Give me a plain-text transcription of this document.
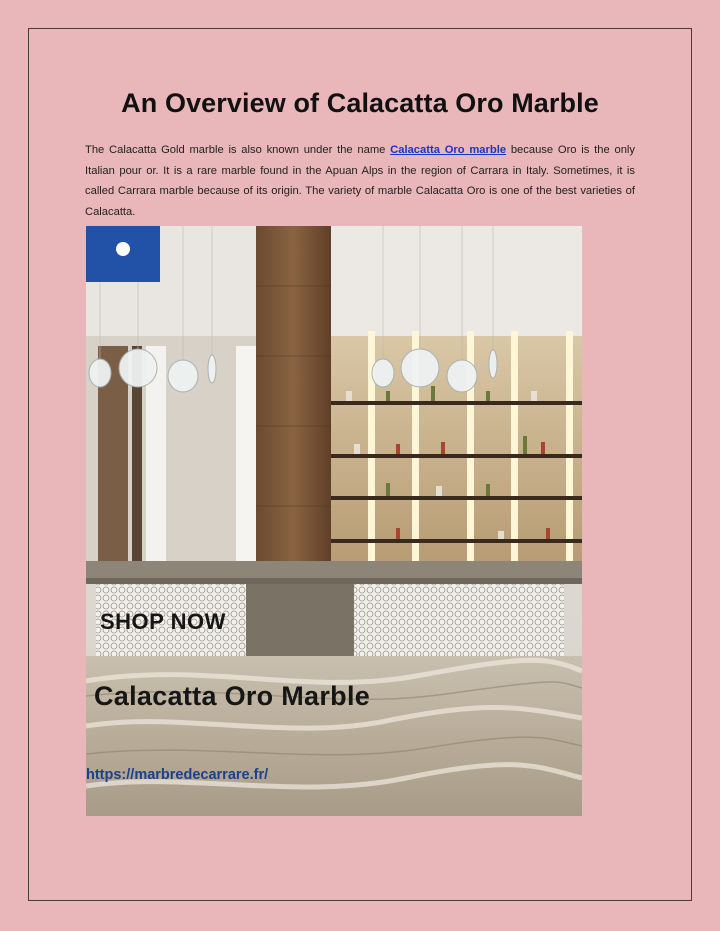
An Overview of Calacatta Oro Marble
The Calacatta Gold marble is also known under the name Calacatta Oro marble because Oro is the only Italian pour or. It is a rare marble found in the Apuan Alps in the region of Carrara in Italy. Sometimes, it is called Carrara marble because of its origin. The variety of marble Calacatta Oro is one of the best varieties of Calacatta.
SHOP NOW
Calacatta Oro Marble
https://marbredecarrare.fr/
